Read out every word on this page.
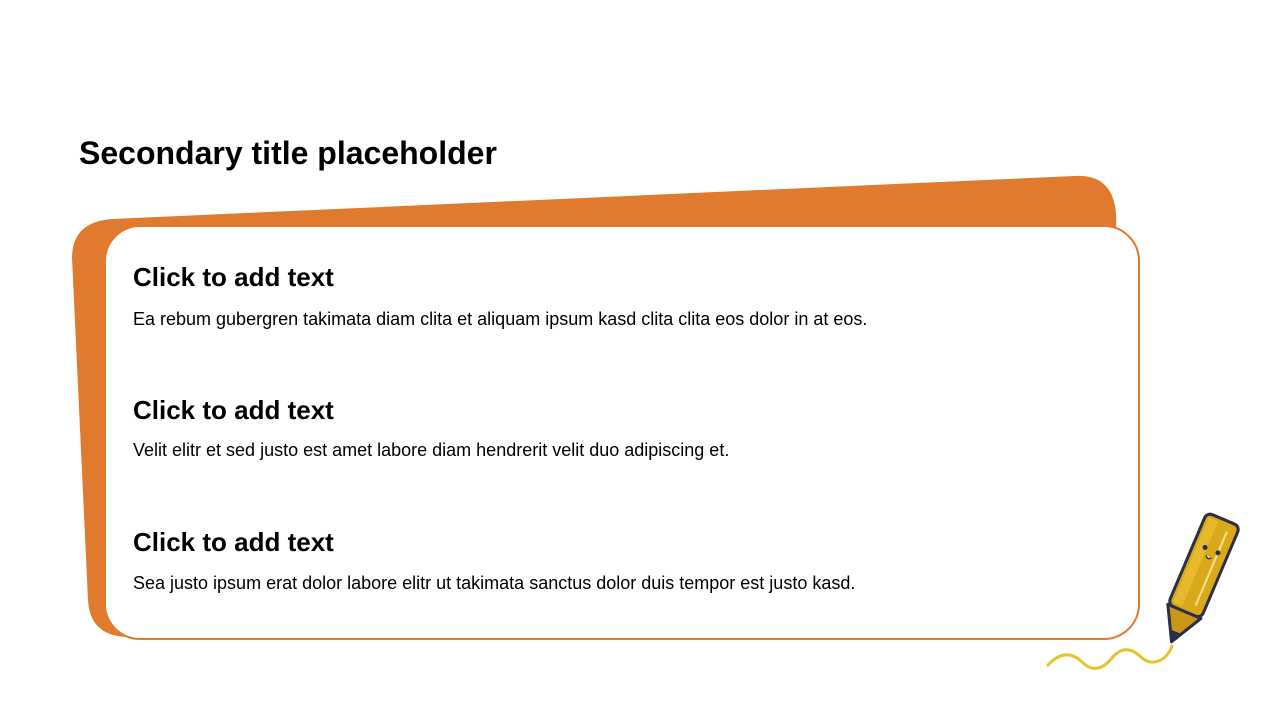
Secondary title placeholder
Click to add text

Ea rebum gubergren takimata diam clita et aliquam ipsum kasd clita clita eos dolor in at eos.

Click to add text

Velit elitr et sed justo est amet labore diam hendrerit velit duo adipiscing et.

Click to add text

Sea justo ipsum erat dolor labore elitr ut takimata sanctus dolor duis tempor est justo kasd.
